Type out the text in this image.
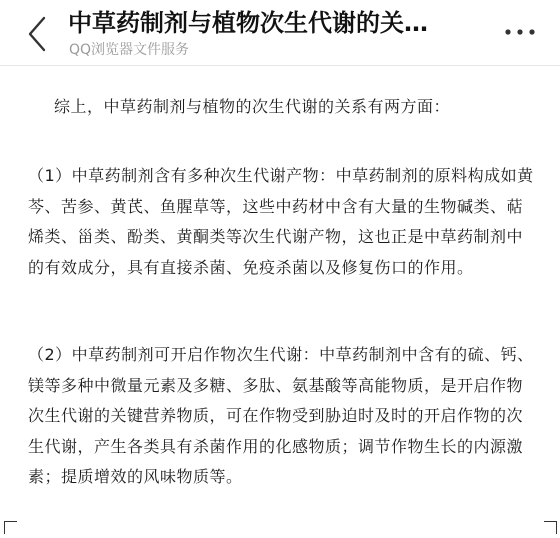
中草药制剂与植物次生代谢的关…
QQ浏览器文件服务

综上，中草药制剂与植物的次生代谢的关系有两方面：

（1）中草药制剂含有多种次生代谢产物：中草药制剂的原料构成如黄芩、苦参、黄芪、鱼腥草等，这些中药材中含有大量的生物碱类、萜烯类、甾类、酚类、黄酮类等次生代谢产物，这也正是中草药制剂中的有效成分，具有直接杀菌、免疫杀菌以及修复伤口的作用。

（2）中草药制剂可开启作物次生代谢：中草药制剂中含有的硫、钙、镁等多种中微量元素及多糖、多肽、氨基酸等高能物质，是开启作物次生代谢的关键营养物质，可在作物受到胁迫时及时的开启作物的次生代谢，产生各类具有杀菌作用的化感物质；调节作物生长的内源激素；提质增效的风味物质等。
